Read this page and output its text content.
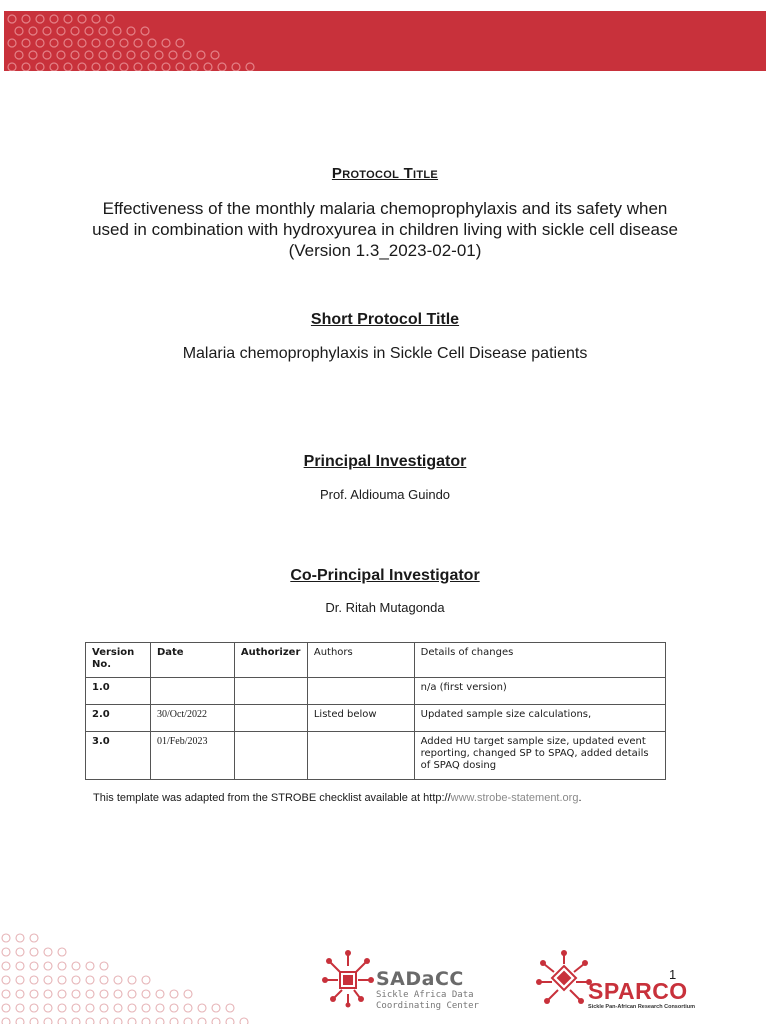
Protocol Title
Effectiveness of the monthly malaria chemoprophylaxis and its safety when used in combination with hydroxyurea in children living with sickle cell disease (Version 1.3_2023-02-01)
Short Protocol Title
Malaria chemoprophylaxis in Sickle Cell Disease patients
Principal Investigator
Prof. Aldiouma Guindo
Co-Principal Investigator
Dr. Ritah Mutagonda
Version No.	Date	Authorizer	Authors	Details of changes
1.0				n/a (first version)
2.0	30/Oct/2022		Listed below	Updated sample size calculations,
3.0	01/Feb/2023			Added HU target sample size, updated event reporting, changed SP to SPAQ, added details of SPAQ dosing
This template was adapted from the STROBE checklist available at http://www.strobe-statement.org.
SADaCC
Sickle Africa Data
Coordinating Center
SPARCO
Sickle Pan-African Research Consortium
1
